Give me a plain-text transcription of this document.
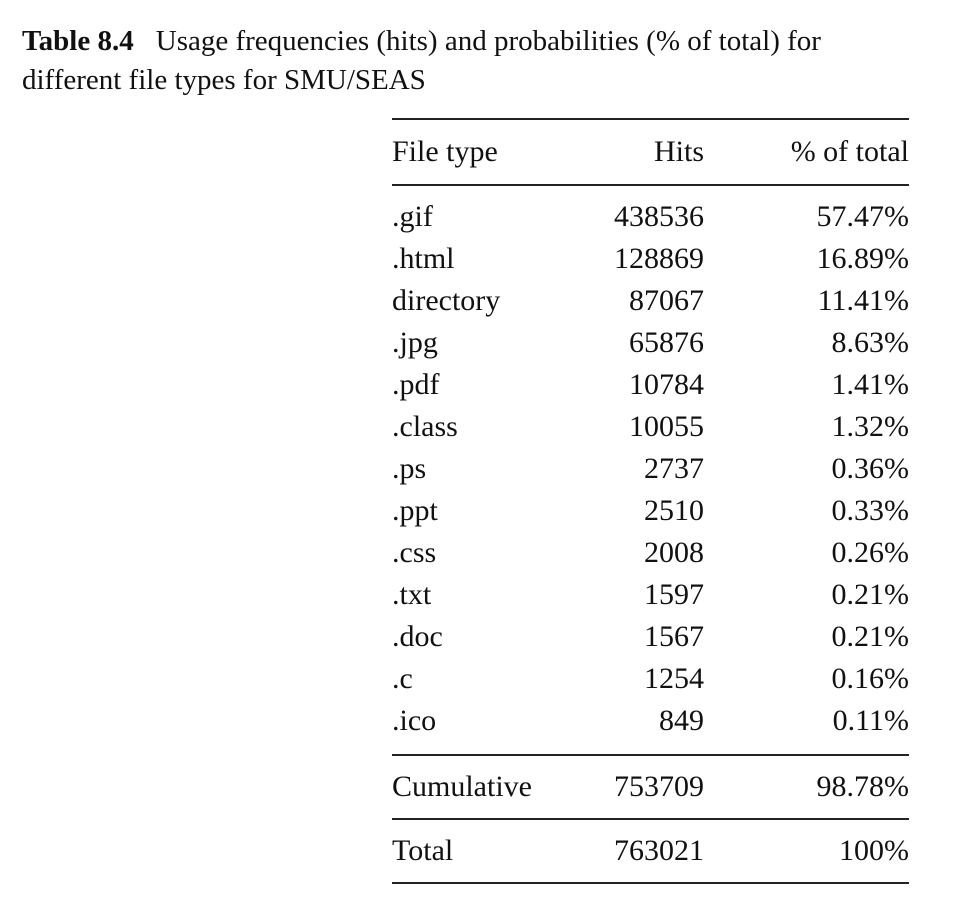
Table 8.4 Usage frequencies (hits) and probabilities (% of total) for different file types for SMU/SEAS

File type	Hits	% of total
.gif	438536	57.47%
.html	128869	16.89%
directory	87067	11.41%
.jpg	65876	8.63%
.pdf	10784	1.41%
.class	10055	1.32%
.ps	2737	0.36%
.ppt	2510	0.33%
.css	2008	0.26%
.txt	1597	0.21%
.doc	1567	0.21%
.c	1254	0.16%
.ico	849	0.11%
Cumulative	753709	98.78%
Total	763021	100%
